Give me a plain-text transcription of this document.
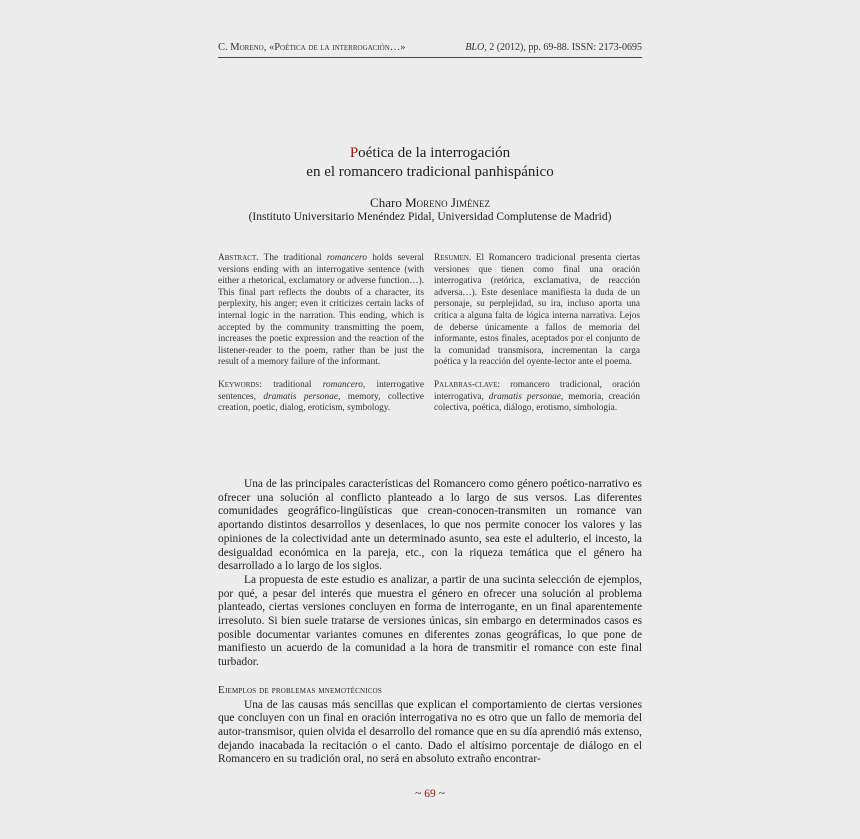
C. Moreno, «Poética de la interrogación…»	BLO, 2 (2012), pp. 69-88. ISSN: 2173-0695
Poética de la interrogación
en el romancero tradicional panhispánico
Charo Moreno Jiménez
(Instituto Universitario Menéndez Pidal, Universidad Complutense de Madrid)

Abstract. The traditional romancero holds several versions ending with an interrogative sentence (with either a rhetorical, exclamatory or adverse function…). This final part reflects the doubts of a character, its perplexity, his anger; even it criticizes certain lacks of internal logic in the narration. This ending, which is accepted by the community transmitting the poem, increases the poetic expression and the reaction of the listener-reader to the poem, rather than be just the result of a memory failure of the informant.

Keywords: traditional romancero, interrogative sentences, dramatis personae, memory, collective creation, poetic, dialog, eroticism, symbology.

Resumen. El Romancero tradicional presenta ciertas versiones que tienen como final una oración interrogativa (retórica, exclamativa, de reacción adversa…). Este desenlace manifiesta la duda de un personaje, su perplejidad, su ira, incluso aporta una crítica a alguna falta de lógica interna narrativa. Lejos de deberse únicamente a fallos de memoria del informante, estos finales, aceptados por el conjunto de la comunidad transmisora, incrementan la carga poética y la reacción del oyente-lector ante el poema.

Palabras-clave: romancero tradicional, oración interrogativa, dramatis personae, memoria, creación colectiva, poética, diálogo, erotismo, simbología.

Una de las principales características del Romancero como género poético-narrativo es ofrecer una solución al conflicto planteado a lo largo de sus versos. Las diferentes comunidades geográfico-lingüísticas que crean-conocen-transmiten un romance van aportando distintos desarrollos y desenlaces, lo que nos permite conocer los valores y las opiniones de la colectividad ante un determinado asunto, sea este el adulterio, el incesto, la desigualdad económica en la pareja, etc., con la riqueza temática que el género ha desarrollado a lo largo de los siglos.

La propuesta de este estudio es analizar, a partir de una sucinta selección de ejemplos, por qué, a pesar del interés que muestra el género en ofrecer una solución al problema planteado, ciertas versiones concluyen en forma de interrogante, en un final aparentemente irresoluto. Si bien suele tratarse de versiones únicas, sin embargo en determinados casos es posible documentar variantes comunes en diferentes zonas geográficas, lo que pone de manifiesto un acuerdo de la comunidad a la hora de transmitir el romance con este final turbador.

Ejemplos de problemas mnemotécnicos

Una de las causas más sencillas que explican el comportamiento de ciertas versiones que concluyen con un final en oración interrogativa no es otro que un fallo de memoria del autor-transmisor, quien olvida el desarrollo del romance que en su día aprendió más extenso, dejando inacabada la recitación o el canto. Dado el altísimo porcentaje de diálogo en el Romancero en su tradición oral, no será en absoluto extraño encontrar-

~ 69 ~
